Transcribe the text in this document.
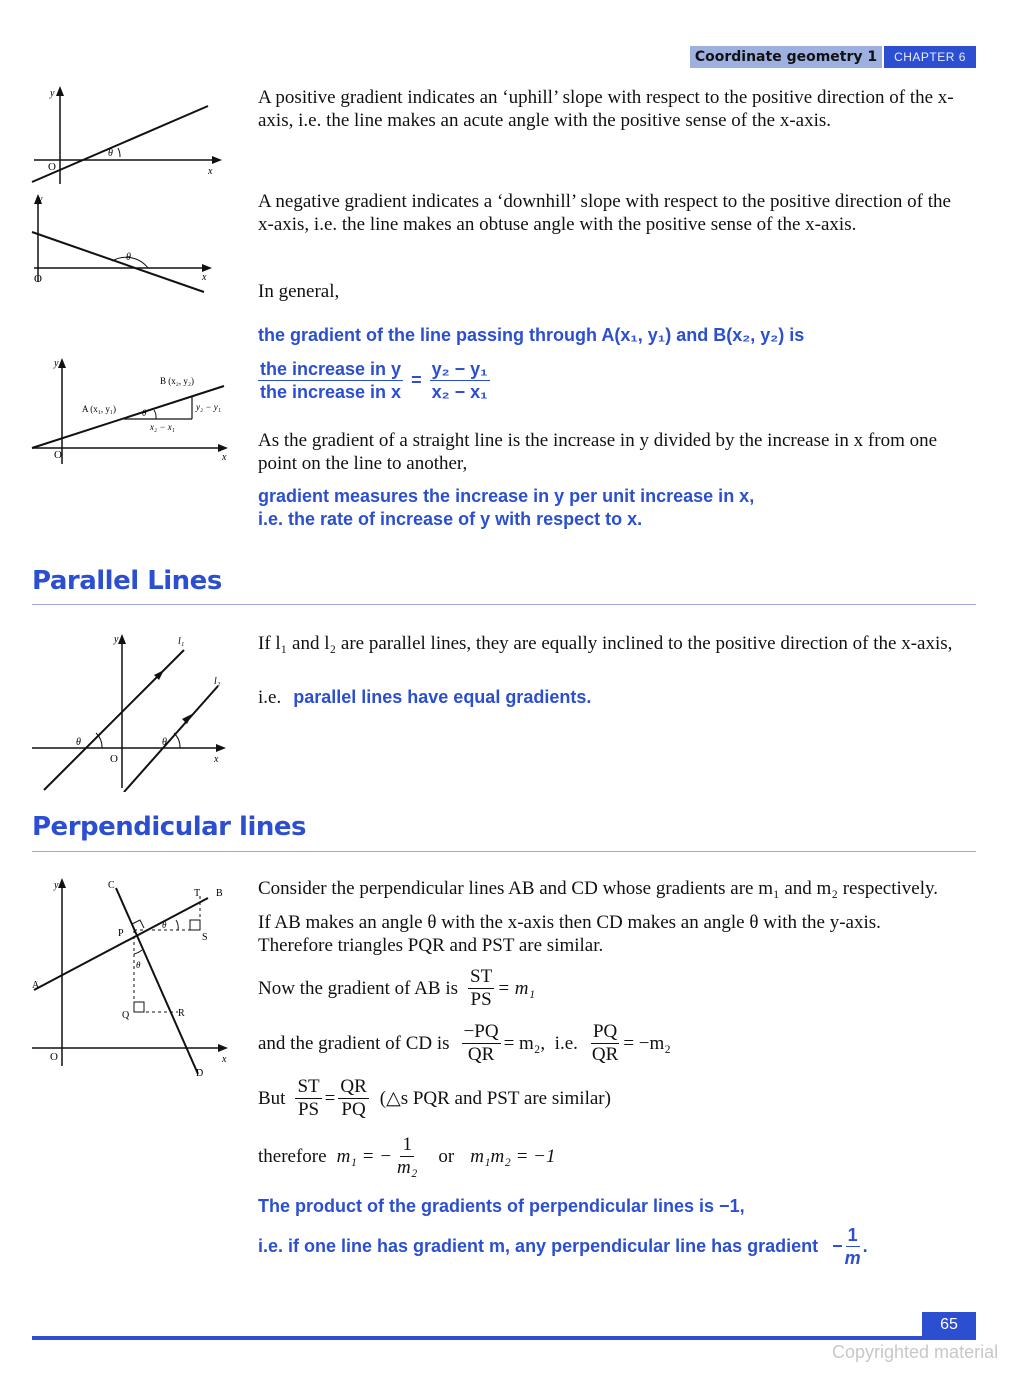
Coordinate geometry 1	CHAPTER 6
y
O	x
θ
A positive gradient indicates an ‘uphill’ slope with respect to the positive direction of the x-axis, i.e. the line makes an acute angle with the positive sense of the x-axis.
y
O	x
θ
A negative gradient indicates a ‘downhill’ slope with respect to the positive direction of the x-axis, i.e. the line makes an obtuse angle with the positive sense of the x-axis.
In general,
the gradient of the line passing through A(x₁, y₁) and B(x₂, y₂) is
$\frac{\text{the increase in y}}{\text{the increase in x}} = \frac{\text{y₂ − y₁}}{\text{x₂ − x₁}}$
y
O	x
A (x₁, y₁)
B (x₂, y₂)
y₂ − y₁
x₂ − x₁
θ
As the gradient of a straight line is the increase in y divided by the increase in x from one point on the line to another,
gradient measures the increase in y per unit increase in x,
i.e. the rate of increase of y with respect to x.
Parallel Lines
y
O	x
l₁
l₂
θ	θ
If l₁ and l₂ are parallel lines, they are equally inclined to the positive direction of the x-axis,
i.e. parallel lines have equal gradients.
Perpendicular lines
y
O	x
A
B
C
D
P
Q	R
S
T
θ
θ
Consider the perpendicular lines AB and CD whose gradients are m₁ and m₂ respectively.
If AB makes an angle θ with the x-axis then CD makes an angle θ with the y-axis.
Therefore triangles PQR and PST are similar.
Now the gradient of AB is $\frac{ST}{PS} = m_1$
and the gradient of CD is $\frac{-PQ}{QR} = m_2$,  i.e. $\frac{PQ}{QR} = -m_2$
But $\frac{ST}{PS} = \frac{QR}{PQ}$ (△s PQR and PST are similar)
therefore m₁ = − $\frac{1}{\text{m₂}}$ or m₁m₂ = −1
The product of the gradients of perpendicular lines is −1,
i.e. if one line has gradient m, any perpendicular line has gradient − $\frac{1}{m}$ .
65
Copyrighted material
